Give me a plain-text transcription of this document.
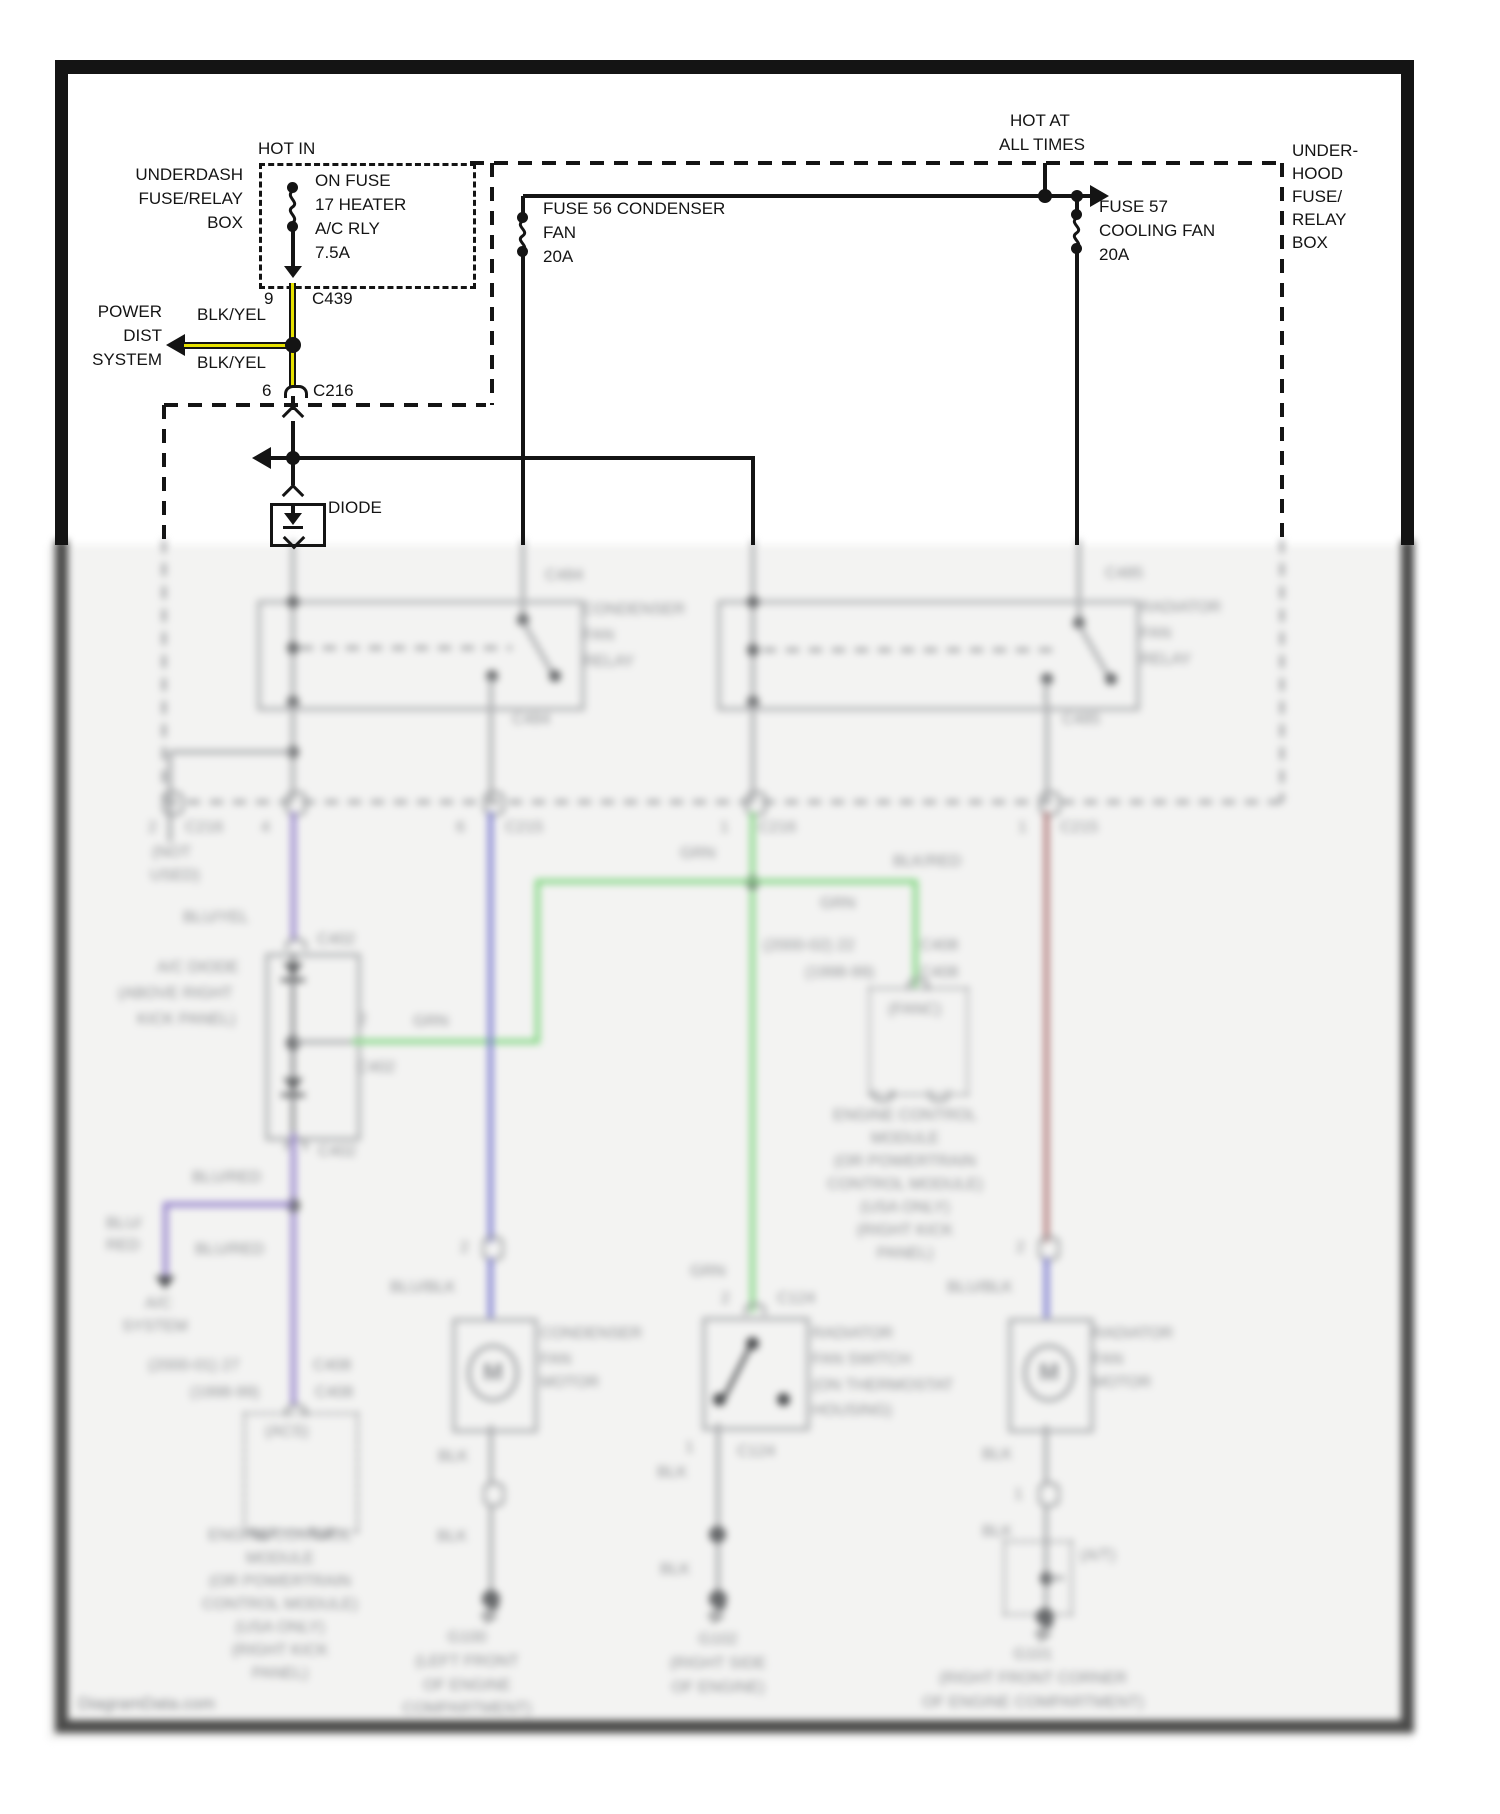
C484
CONDENSER
FAN
RELAY
C484
C485
RADIATOR
FAN
RELAY
C485
2 C216 4	6	C215	1 C216	1 C215
(NOT
USED)
BLU/YEL
C402
A/C DIODE
(ABOVE RIGHT
KICK PANEL)	2
C402
C402
GRN
GRN
GRN
GRN
BLK/RED
2
BLU/BLK
(2000-02) 22	C408
(1998-99)	C408
(FANC)
ENGINE CONTROL
MODULE
(OR POWERTRAIN
CONTROL MODULE)
(USA ONLY)
(RIGHT KICK
PANEL)
BLU/BLK
BLU/RED
BLU/
RED	BLU/RED
A/C
SYSTEM
(2000-01) 27	C408
(1998-99)	C408
(ACS)
ENGINE CONTROL
MODULE
(OR POWERTRAIN
CONTROL MODULE)
(USA ONLY)
(RIGHT KICK
PANEL)
M
CONDENSER
FAN
MOTOR
BLK
BLK
G100
(LEFT FRONT
OF ENGINE
COMPARTMENT)
2	C124
RADIATOR
FAN SWITCH
(ON THERMOSTAT
HOUSING)
1	C124
BLK
BLK
G102
(RIGHT SIDE
OF ENGINE)
2
M
RADIATOR
FAN
MOTOR
BLK
1
BLK
(A/T)
G101
(RIGHT FRONT CORNER
OF ENGINE COMPARTMENT)
DiagramData.com
HOT IN
UNDERDASH
FUSE/RELAY
BOX
ON FUSE
17 HEATER
A/C RLY
7.5A
9 C439
BLK/YEL
BLK/YEL
POWER
DIST
SYSTEM
6 C216
DIODE
FUSE 56 CONDENSER
FAN
20A
HOT AT
ALL TIMES
FUSE 57
COOLING FAN
20A
UNDER-
HOOD
FUSE/
RELAY
BOX
